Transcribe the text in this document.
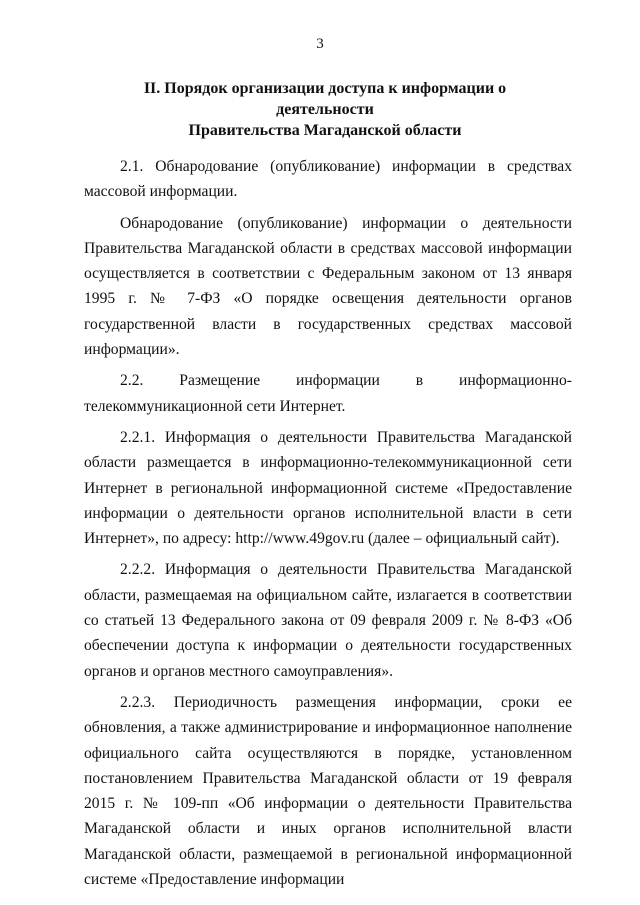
3
II. Порядок организации доступа к информации о деятельности
Правительства Магаданской области

2.1. Обнародование (опубликование) информации в средствах массовой информации.

Обнародование (опубликование) информации о деятельности Правительства Магаданской области в средствах массовой информации осуществляется в соответствии с Федеральным законом от 13 января 1995 г. № 7-ФЗ «О порядке освещения деятельности органов государственной власти в государственных средствах массовой информации».

2.2. Размещение информации в информационно-телекоммуникационной сети Интернет.

2.2.1. Информация о деятельности Правительства Магаданской области размещается в информационно-телекоммуникационной сети Интернет в региональной информационной системе «Предоставление информации о деятельности органов исполнительной власти в сети Интернет», по адресу: http://www.49gov.ru (далее – официальный сайт).

2.2.2. Информация о деятельности Правительства Магаданской области, размещаемая на официальном сайте, излагается в соответствии со статьей 13 Федерального закона от 09 февраля 2009 г. № 8-ФЗ «Об обеспечении доступа к информации о деятельности государственных органов и органов местного самоуправления».

2.2.3. Периодичность размещения информации, сроки ее обновления, а также администрирование и информационное наполнение официального сайта осуществляются в порядке, установленном постановлением Правительства Магаданской области от 19 февраля 2015 г. № 109-пп «Об информации о деятельности Правительства Магаданской области и иных органов исполнительной власти Магаданской области, размещаемой в региональной информационной системе «Предоставление информации
